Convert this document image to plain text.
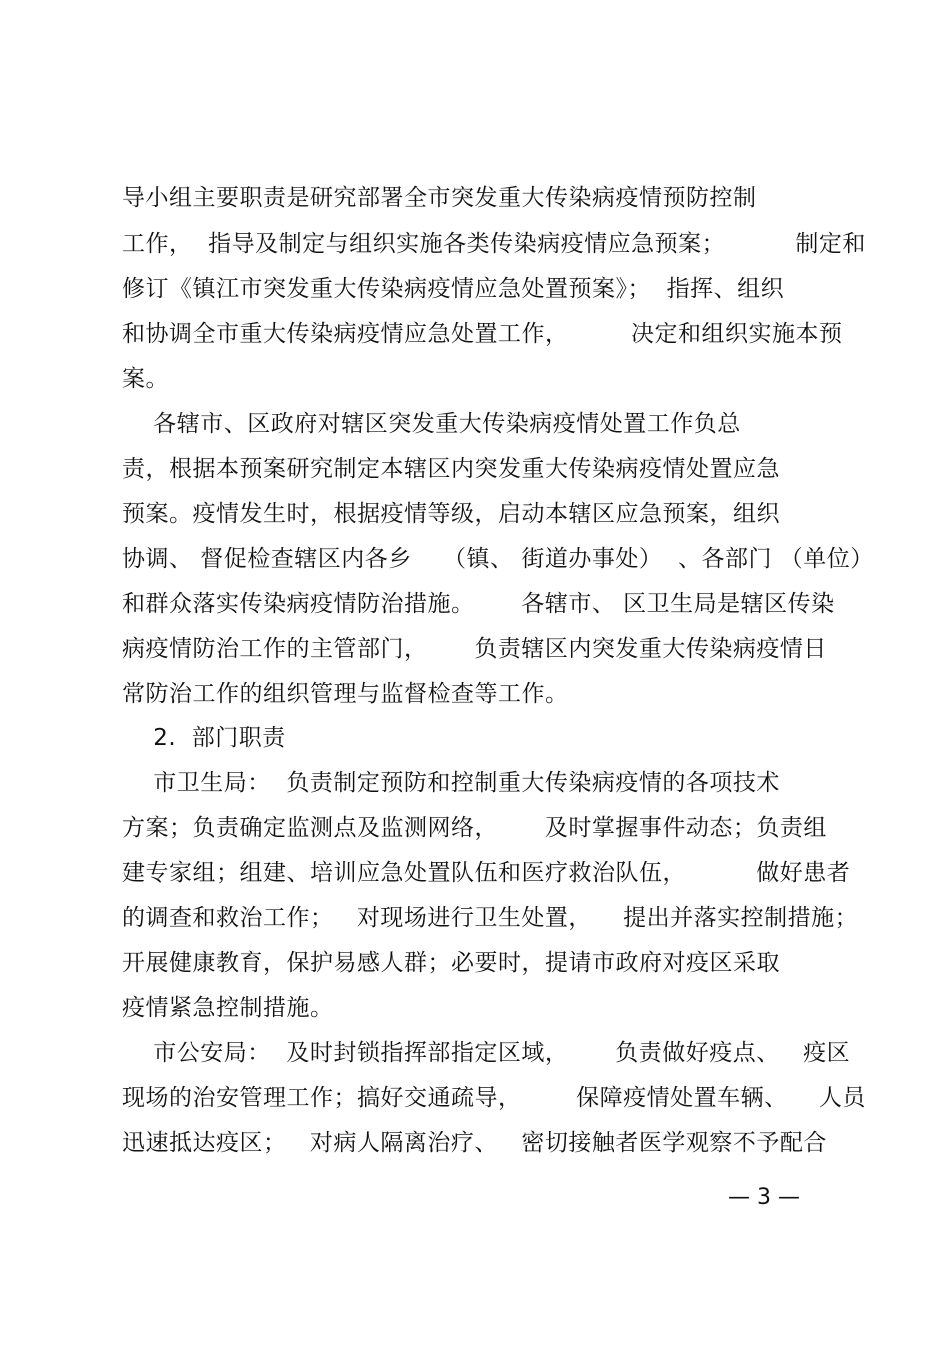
导小组主要职责是研究部署全市突发重大传染病疫情预防控制
工作，  指导及制定与组织实施各类传染病疫情应急预案；         制定和
修订《镇江市突发重大传染病疫情应急处置预案》；  指挥、组织
和协调全市重大传染病疫情应急处置工作，        决定和组织实施本预
案。
各辖市、区政府对辖区突发重大传染病疫情处置工作负总
责，根据本预案研究制定本辖区内突发重大传染病疫情处置应急
预案。疫情发生时，根据疫情等级，启动本辖区应急预案，组织
协调、 督促检查辖区内各乡    （镇、 街道办事处）  、各部门 （单位）
和群众落实传染病疫情防治措施。      各辖市、 区卫生局是辖区传染
病疫情防治工作的主管部门，      负责辖区内突发重大传染病疫情日
常防治工作的组织管理与监督检查等工作。
2.  部门职责
市卫生局：  负责制定预防和控制重大传染病疫情的各项技术
方案；负责确定监测点及监测网络，      及时掌握事件动态；负责组
建专家组；组建、培训应急处置队伍和医疗救治队伍，         做好患者
的调查和救治工作；   对现场进行卫生处置，    提出并落实控制措施；
开展健康教育，保护易感人群；必要时，提请市政府对疫区采取
疫情紧急控制措施。
市公安局：  及时封锁指挥部指定区域，      负责做好疫点、   疫区
现场的治安管理工作；搞好交通疏导，       保障疫情处置车辆、    人员
迅速抵达疫区；   对病人隔离治疗、   密切接触者医学观察不予配合
— 3 —
